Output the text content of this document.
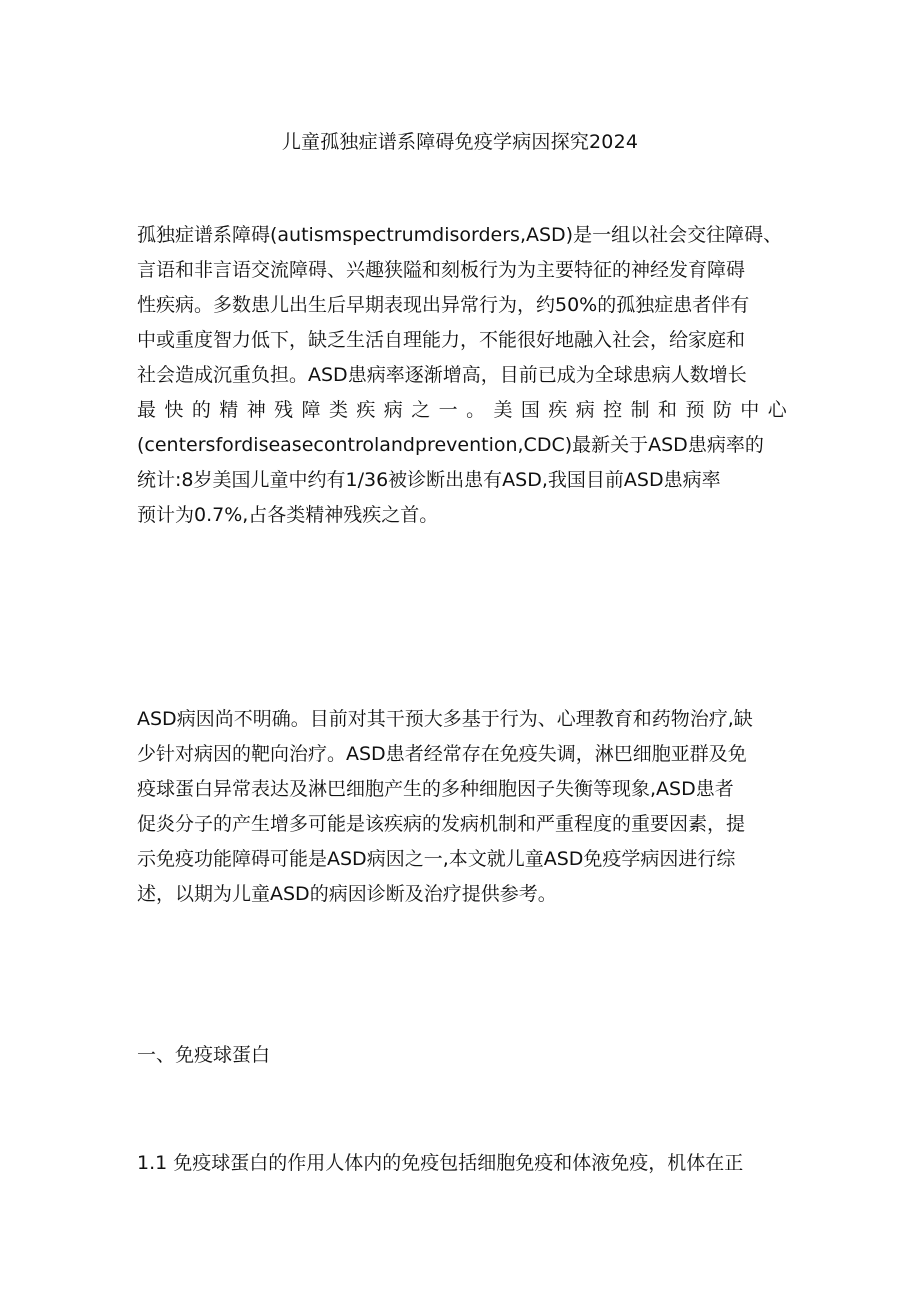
儿童孤独症谱系障碍免疫学病因探究2024
孤独症谱系障碍(autismspectrumdisorders,ASD)是一组以社会交往障碍、
言语和非言语交流障碍、兴趣狭隘和刻板行为为主要特征的神经发育障碍
性疾病。多数患儿出生后早期表现出异常行为，约50%的孤独症患者伴有
中或重度智力低下，缺乏生活自理能力，不能很好地融入社会，给家庭和
社会造成沉重负担。ASD患病率逐渐增高，目前已成为全球患病人数增长
最 快 的 精 神 残 障 类 疾 病 之 一 。 美 国 疾 病 控 制 和 预 防 中 心
(centersfordiseasecontrolandprevention,CDC)最新关于ASD患病率的
统计:8岁美国儿童中约有1/36被诊断出患有ASD,我国目前ASD患病率
预计为0.7%,占各类精神残疾之首。
ASD病因尚不明确。目前对其干预大多基于行为、心理教育和药物治疗,缺
少针对病因的靶向治疗。ASD患者经常存在免疫失调，淋巴细胞亚群及免
疫球蛋白异常表达及淋巴细胞产生的多种细胞因子失衡等现象,ASD患者
促炎分子的产生增多可能是该疾病的发病机制和严重程度的重要因素，提
示免疫功能障碍可能是ASD病因之一,本文就儿童ASD免疫学病因进行综
述，以期为儿童ASD的病因诊断及治疗提供参考。
一、免疫球蛋白
1.1 免疫球蛋白的作用人体内的免疫包括细胞免疫和体液免疫，机体在正
